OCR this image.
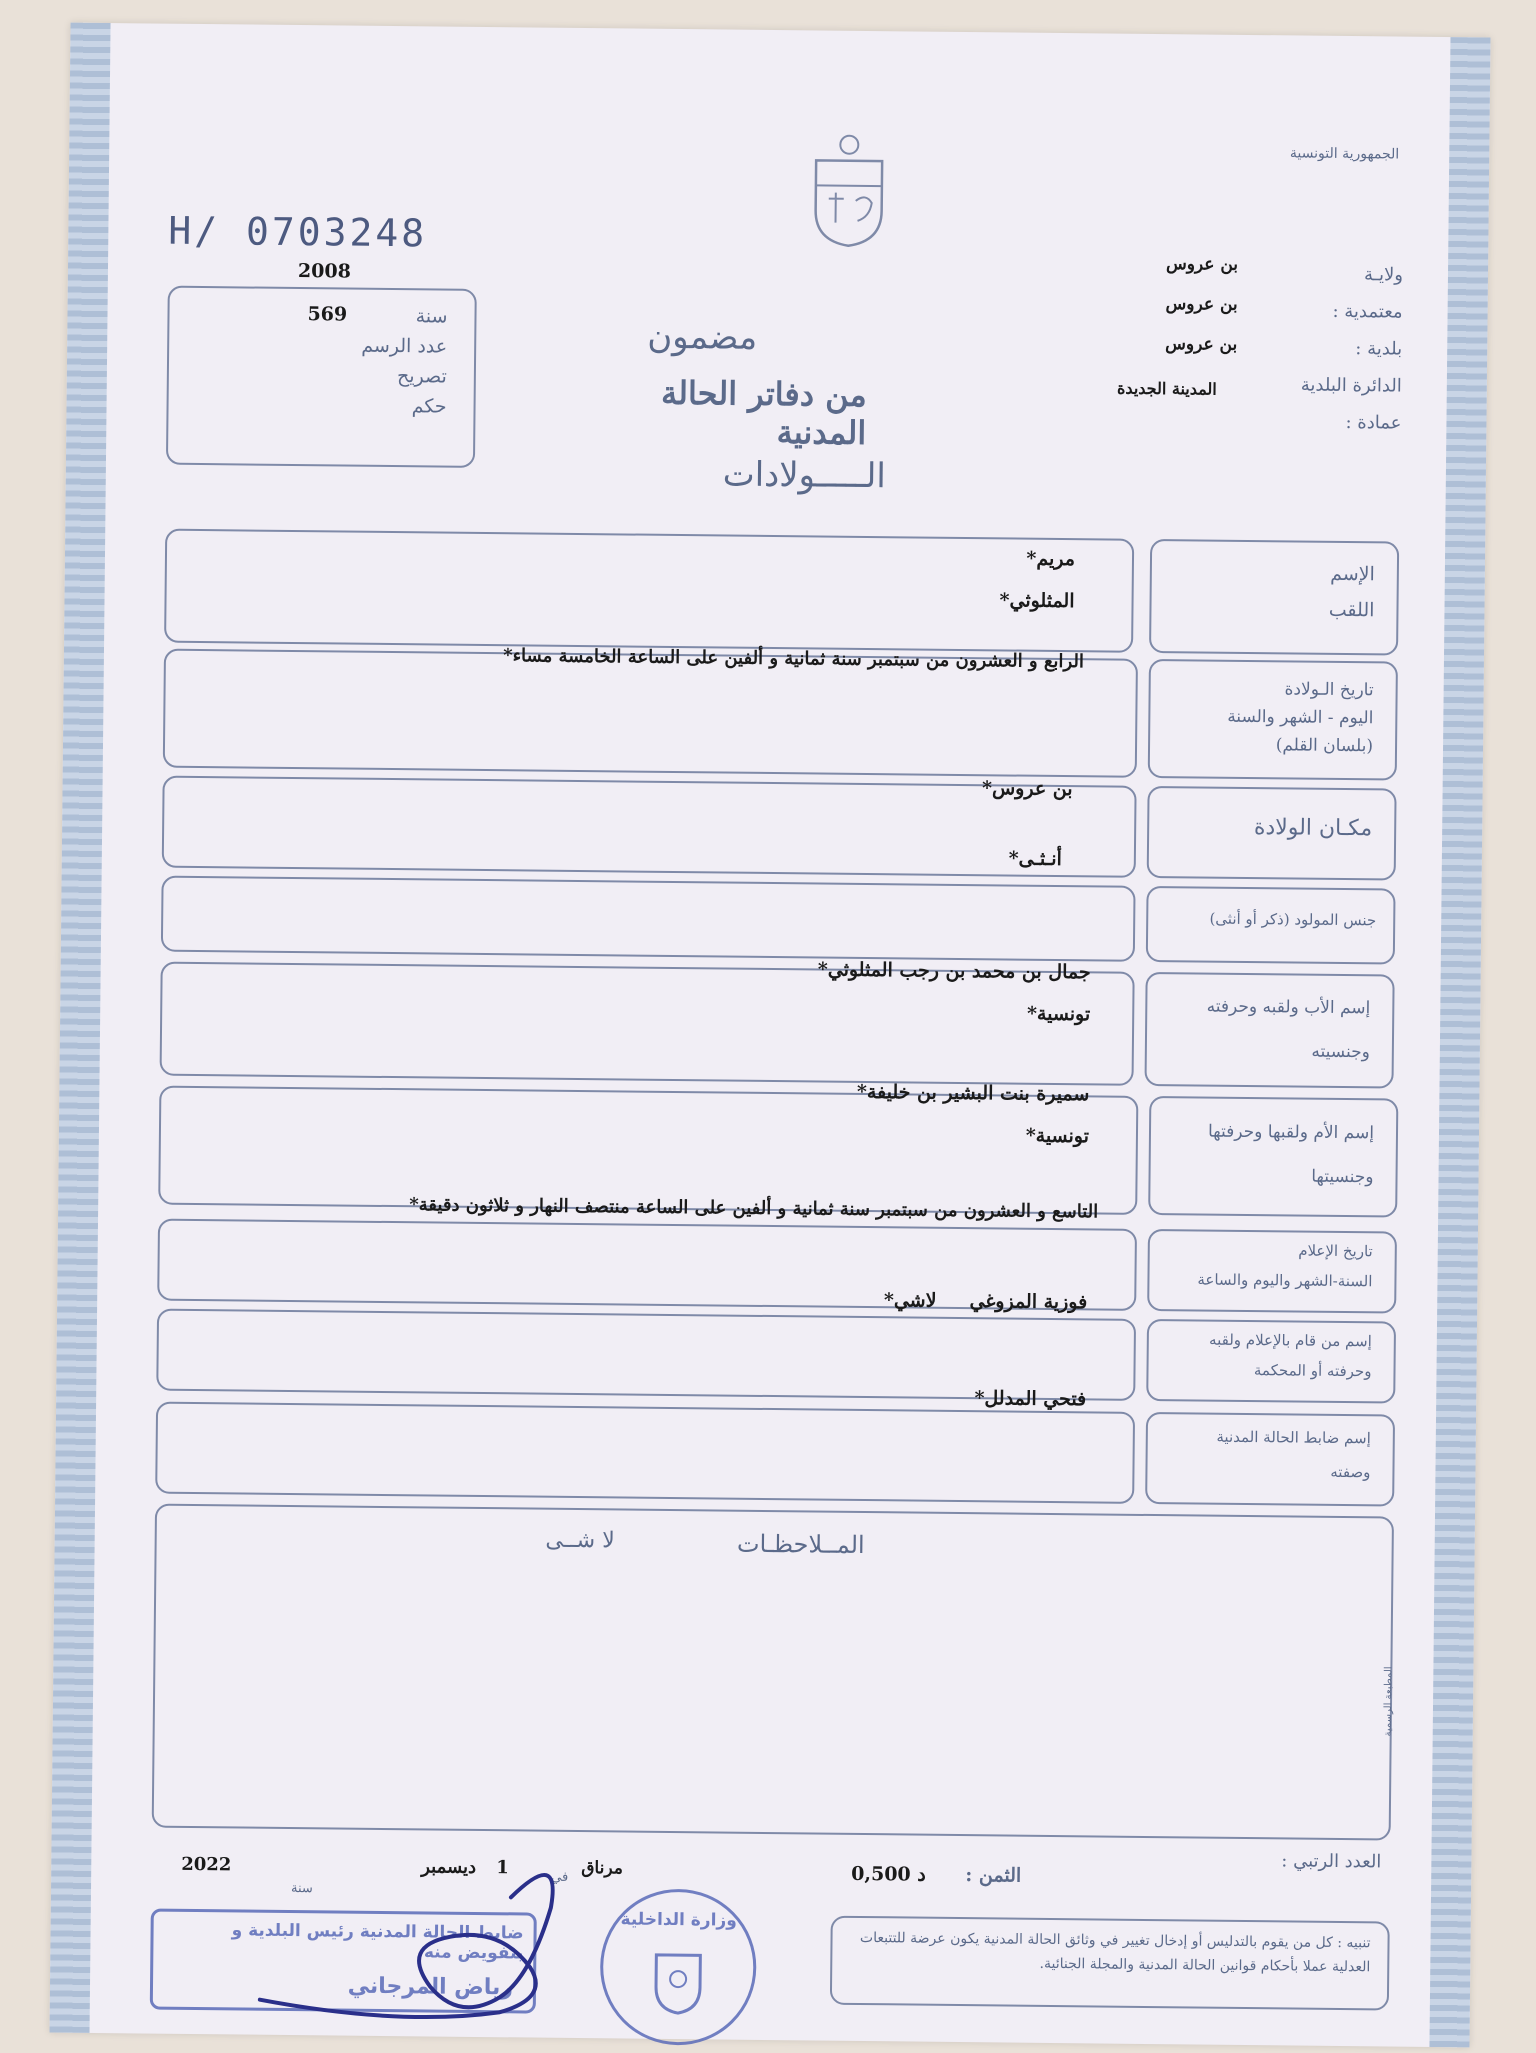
الجمهورية التونسية
H/ 0703248
2008
569	سنة
عدد الرسم
تصريح
حكم
مضمون
من دفاتر الحالة المدنية
الـــــولادات
ولايـة
معتمدية :
بلدية :
الدائرة البلدية
عمادة :
بن عروس
بن عروس
بن عروس
المدينة الجديدة
الإسم
اللقب
مريم*
المثلوثي*
تاريخ الـولادة
اليوم - الشهر والسنة
(بلسان القلم)
الرابع و العشرون من سبتمبر سنة ثمانية و ألفين على الساعة الخامسة مساء*
مكـان الولادة
بن عروس*
جنس المولود (ذكر أو أنثى)
أنـثـى*
إسم الأب ولقبه وحرفته
وجنسيته
جمال بن محمد بن رجب المثلوثي*
تونسية*
إسم الأم ولقبها وحرفتها
وجنسيتها
سميرة بنت البشير بن خليفة*
تونسية*
تاريخ الإعلام
السنة-الشهر واليوم والساعة
التاسع و العشرون من سبتمبر سنة ثمانية و ألفين على الساعة منتصف النهار و ثلاثون دقيقة*
إسم من قام بالإعلام ولقبه
وحرفته أو المحكمة
فوزية المزوغي     لاشي*
إسم ضابط الحالة المدنية
وصفته
فتحي المدلل*
المــلاحظـات
لا شــى
المطبعة الرسمية
العدد الرتبي :
الثمن :
0,500 د
2022
سنة
ديسمبر 1	في مرناق
تنبيه : كل من يقوم بالتدليس أو إدخال تغيير في وثائق الحالة المدنية يكون عرضة للتتبعات العدلية عملا بأحكام قوانين الحالة المدنية والمجلة الجنائية.
ضابط الحالة المدنية رئيس البلدية و بتفويض منه
رياض المرجاني
وزارة الداخلية
